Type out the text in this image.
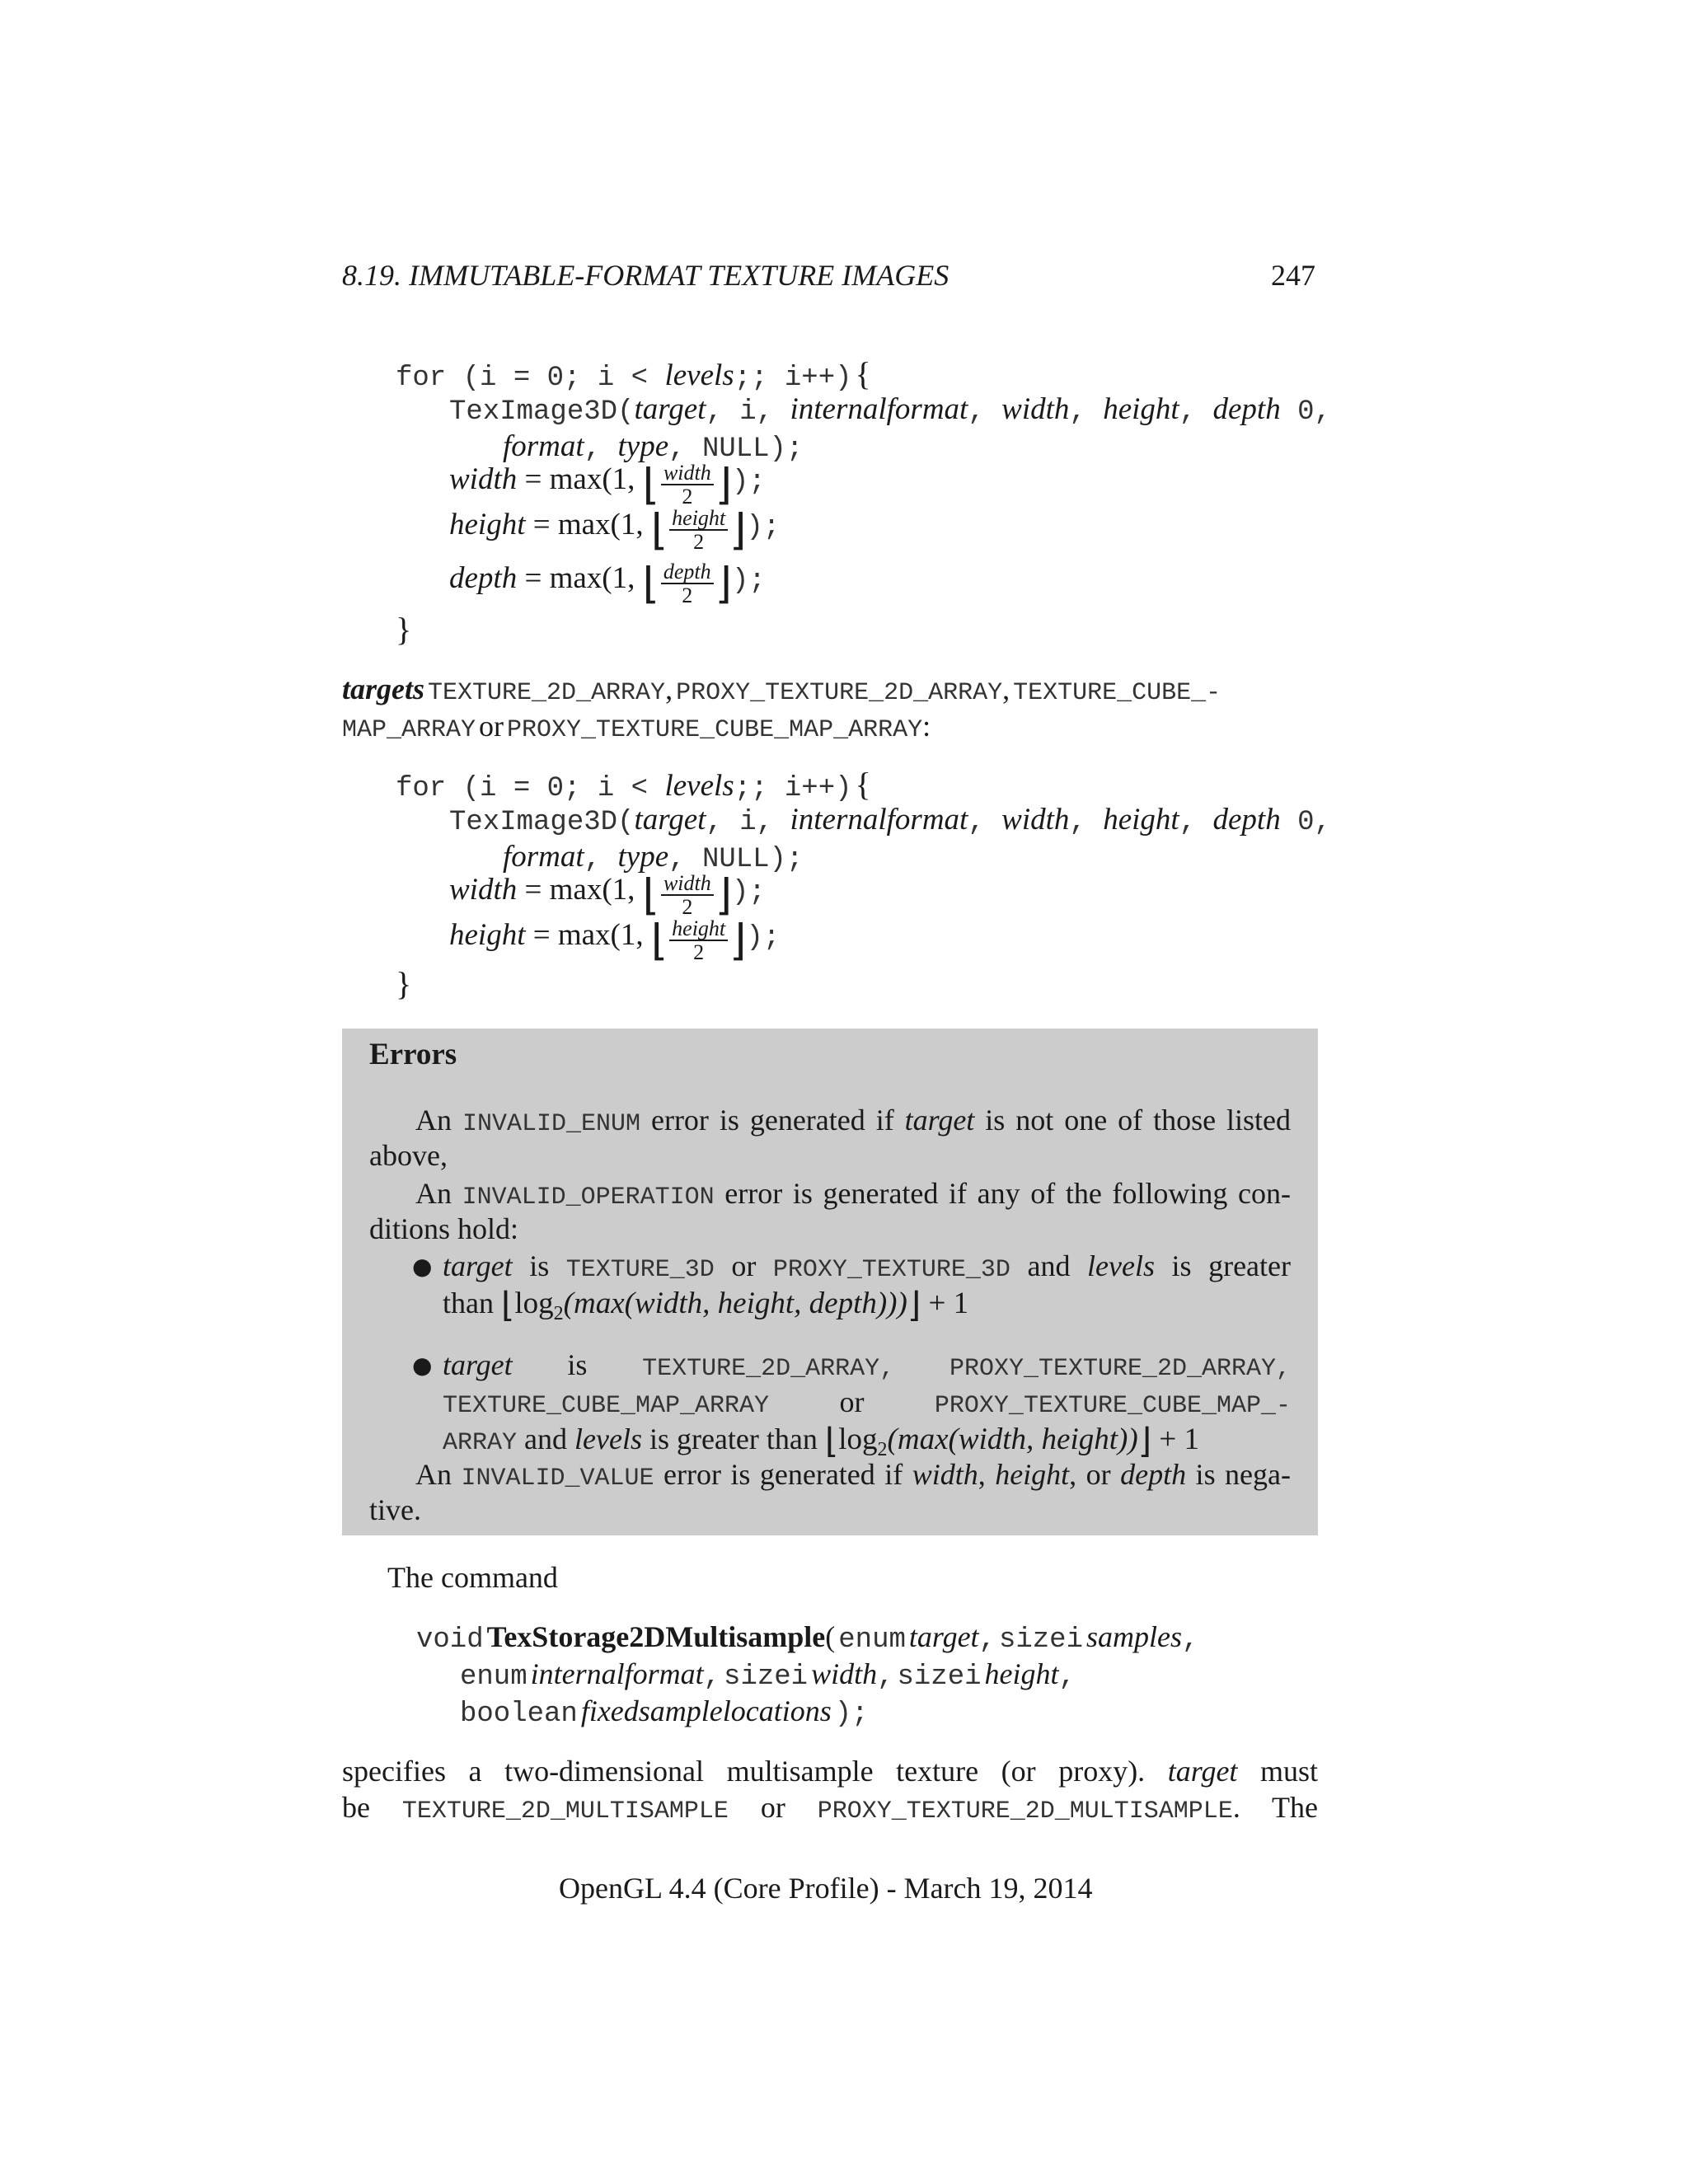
8.19. IMMUTABLE-FORMAT TEXTURE IMAGES	247
for (i = 0; i < levels;; i++) {
TexImage3D(target, i, internalformat, width, height, depth 0,
format, type, NULL);
width = max(1, ⌊ $\frac{\text{width}}{2}$ ⌋);
height = max(1, ⌊ $\frac{\text{height}}{2}$ ⌋);
depth = max(1, ⌊ $\frac{\text{depth}}{2}$ ⌋);
}
targets TEXTURE_2D_ARRAY, PROXY_TEXTURE_2D_ARRAY, TEXTURE_CUBE_-
MAP_ARRAY or PROXY_TEXTURE_CUBE_MAP_ARRAY:
for (i = 0; i < levels;; i++) {
TexImage3D(target, i, internalformat, width, height, depth 0,
format, type, NULL);
width = max(1, ⌊ $\frac{\text{width}}{2}$ ⌋);
height = max(1, ⌊ $\frac{\text{height}}{2}$ ⌋);
}
Errors
An INVALID_ENUM error is generated if target is not one of those listed
above,
An INVALID_OPERATION error is generated if any of the following con-
ditions hold:
● target is TEXTURE_3D or PROXY_TEXTURE_3D and levels is greater
than $⌊\log_2(\max(width$, height, depth)))⌋ + 1
● target is TEXTURE_2D_ARRAY, PROXY_TEXTURE_2D_ARRAY,
TEXTURE_CUBE_MAP_ARRAY or	PROXY_TEXTURE_CUBE_MAP_-
ARRAY and levels is greater than $⌊\log_2(\max(width$, height))⌋ + 1
An INVALID_VALUE error is generated if width, height, or depth is nega-
tive.
The command
void TexStorage2DMultisample( enum target, sizei samples,
enum internalformat, sizei width, sizei height,
boolean fixedsamplelocations );
specifies a two-dimensional multisample texture (or proxy). target must
be TEXTURE_2D_MULTISAMPLE or PROXY_TEXTURE_2D_MULTISAMPLE. The
OpenGL 4.4 (Core Profile) - March 19, 2014
